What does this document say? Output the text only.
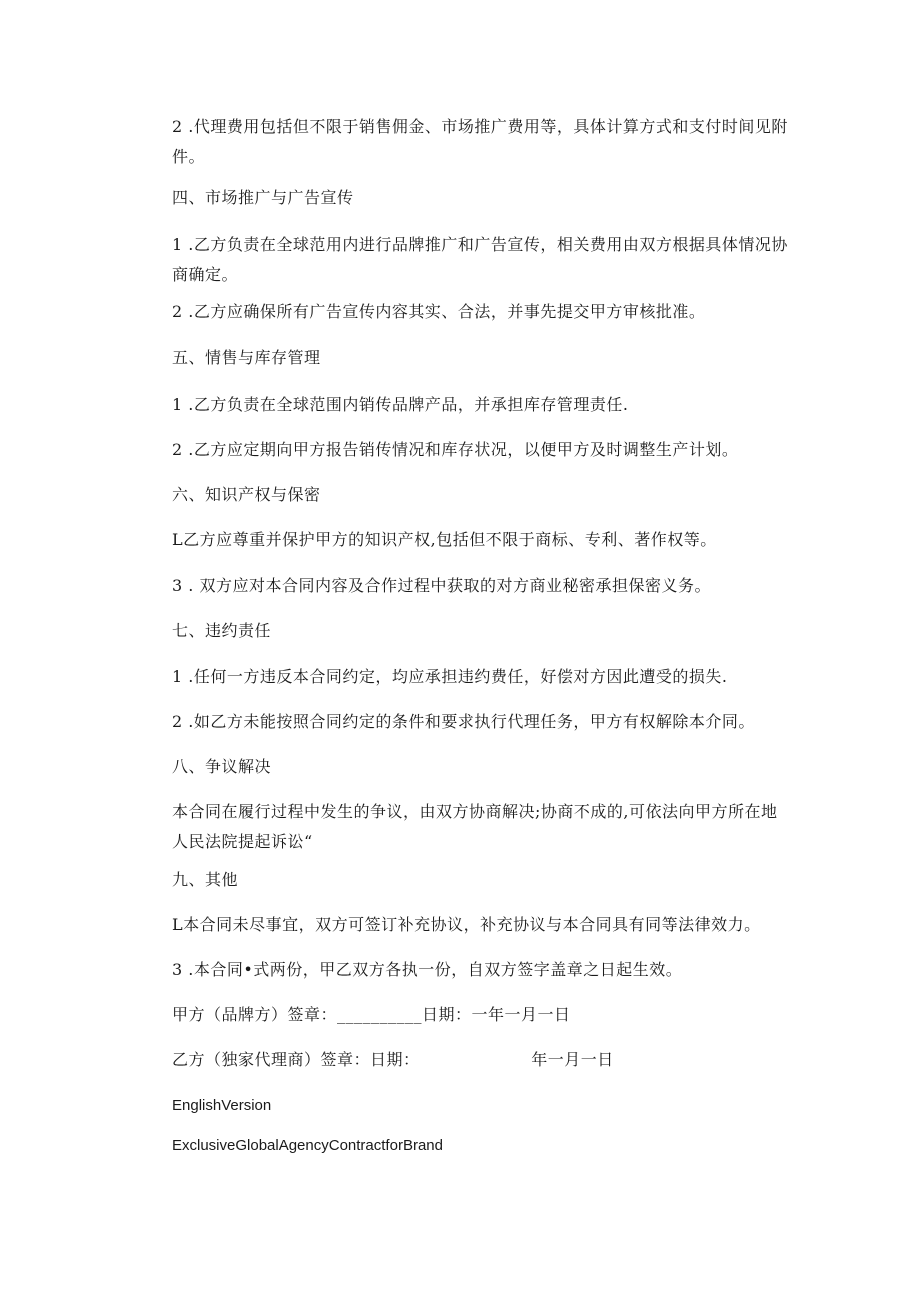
2 .代理费用包括但不限于销售佣金、市场推广费用等，具体计算方式和支付时间见附件。
四、市场推广与广告宣传
1 .乙方负责在全球范用内进行品牌推广和广告宣传，相关费用由双方根据具体情况协商确定。
2 .乙方应确保所有广告宣传内容其实、合法，并事先提交甲方审核批准。
五、情售与库存管理
1 .乙方负责在全球范围内销传品牌产品，并承担库存管理责任.
2 .乙方应定期向甲方报告销传情况和库存状况，以便甲方及时调整生产计划。
六、知识产权与保密
L乙方应尊重并保护甲方的知识产权,包括但不限于商标、专利、著作权等。
3 . 双方应对本合同内容及合作过程中获取的对方商业秘密承担保密义务。
七、违约责任
1 .任何一方违反本合同约定，均应承担违约费任，好偿对方因此遭受的损失.
2 .如乙方未能按照合同约定的条件和要求执行代理任务，甲方有权解除本介同。
八、争议解决
本合同在履行过程中发生的争议，由双方协商解决;协商不成的,可依法向甲方所在地人民法院提起诉讼“
九、其他
L本合同未尽事宜，双方可签订补充协议，补充协议与本合同具有同等法律效力。
3 .本合同•式两份，甲乙双方各执一份，自双方签字盖章之日起生效。
甲方（品牌方）签章：__________日期：一年一月一日
乙方（独家代理商）签章：日期：                    年一月一日
EnglishVersion
ExclusiveGlobalAgencyContractforBrand
